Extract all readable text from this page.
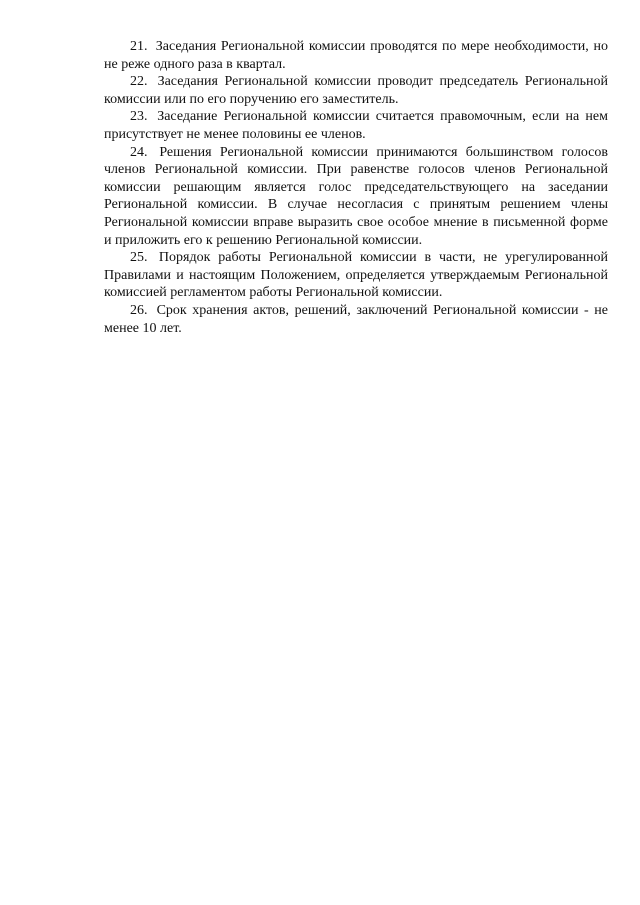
21. Заседания Региональной комиссии проводятся по мере необходимости, но не реже одного раза в квартал.

22. Заседания Региональной комиссии проводит председатель Региональной комиссии или по его поручению его заместитель.

23. Заседание Региональной комиссии считается правомочным, если на нем присутствует не менее половины ее членов.

24. Решения Региональной комиссии принимаются большинством голосов членов Региональной комиссии. При равенстве голосов членов Региональной комиссии решающим является голос председательствующего на заседании Региональной комиссии. В случае несогласия с принятым решением члены Региональной комиссии вправе выразить свое особое мнение в письменной форме и приложить его к решению Региональной комиссии.

25. Порядок работы Региональной комиссии в части, не урегулированной Правилами и настоящим Положением, определяется утверждаемым Региональной комиссией регламентом работы Региональной комиссии.

26. Срок хранения актов, решений, заключений Региональной комиссии - не менее 10 лет.
